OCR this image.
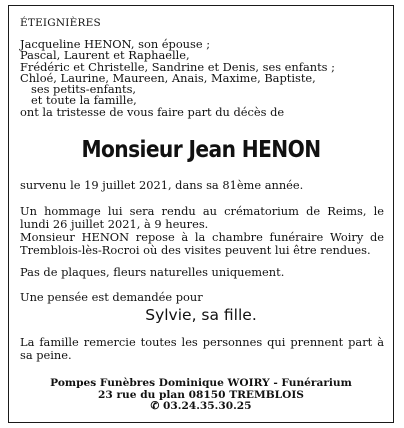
ÉTEIGNIÈRES

Jacqueline HENON, son épouse ;
Pascal, Laurent et Raphaelle,
Frédéric et Christelle, Sandrine et Denis, ses enfants ;
Chloé, Laurine, Maureen, Anais, Maxime, Baptiste,
ses petits-enfants,
et toute la famille,
ont la tristesse de vous faire part du décès de

Monsieur Jean HENON

survenu le 19 juillet 2021, dans sa 81ème année.
Un hommage lui sera rendu au crématorium de Reims, le
lundi 26 juillet 2021, à 9 heures.
Monsieur HENON repose à la chambre funéraire Woiry de
Tremblois-lès-Rocroi où des visites peuvent lui être rendues.
Pas de plaques, fleurs naturelles uniquement.
Une pensée est demandée pour

Sylvie, sa fille.

La famille remercie toutes les personnes qui prennent part à
sa peine.
Pompes Funèbres Dominique WOIRY - Funérarium
23 rue du plan 08150 TREMBLOIS
✆ 03.24.35.30.25
